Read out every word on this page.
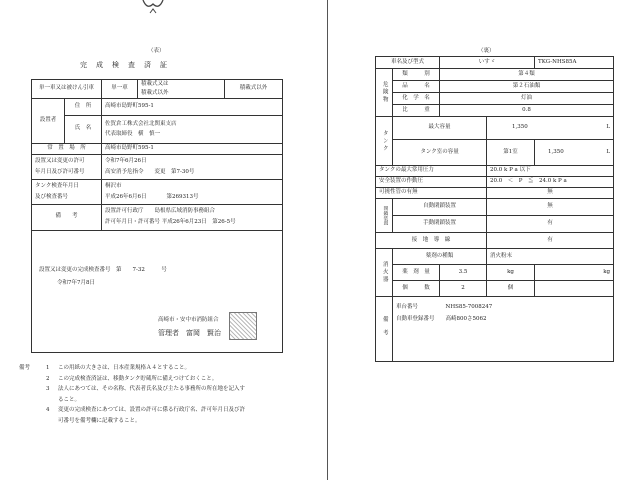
（表）
完　成　検　査　済　証
単一車又は被けん引車		単一車	積載式又は
積載式以外	積載式以外
設置者	住　所	高崎市島野町595-1		
	氏　名	佐賀倉工株式会社北関東支店
代表取締役　横　慎一		
常　置　場　所		高崎市島野町595-1		
設置又は変更の許可
年月日及び許可番号		令和7年6月26日
高安消予危指令　　変更　第7-30号		
タンク検査年月日
及び検査番号		桐沢市
平成26年6月6日 第269313号		
備　　考		設置許可行政庁　　島根県広域消防事務組合
許可年月日・許可番号 平成26年6月23日　第26-5号		

設置又は変更の完成検査番号　第　　7-32　　　号
令和7年7月8日
高崎市・安中市消防組合
管理者　富岡　賢治
備考	1 この用紙の大きさは、日本産業規格Ａ４とすること。
2 この完成検査済証は、移動タンク貯蔵所に備えつけておくこと。
3 法人にあつては、その名称、代表者氏名及び主たる事務所の所在地を記入す
ること。
4 変更の完成検査にあつては、設置の許可に係る行政庁名、許可年月日及び許
可番号を備考欄に記載すること。
（裏）
車名及び型式		いすゞ		TKG-NHS85A
危険物	類　　　別	第４類		
	品　　　名	第２石油類		
	化　学　名	灯油		
	比　　　重	0.8		
タンク	最大容量		1,350 L	

	タンク室の容量		第1室	1,350 L

タンクの最大常用圧力			20.0 k P a 以下	
安全装置の作動圧			20.0　＜　P　≦　24.0 k P a	
可撓性管の有無			無	
閉鎖装置	自動閉鎖装置		無	
	手動閉鎖装置		有	
接　地　導　線			有	
消火器	薬剤の種類		消火粉末	
	薬　剤　量	3.5	kg	kg
	個　　　数	2	個	
備考	車台番号　　　　　NHS85-7008247
自動車登録番号　　高崎800さ5062			
